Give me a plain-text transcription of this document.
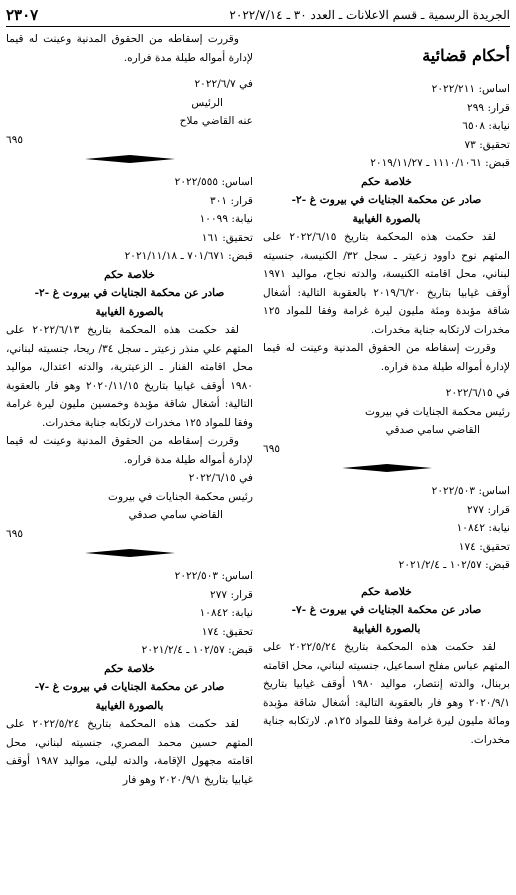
الجريدة الرسمية ـ قسم الاعلانات ـ العدد ٣٠ ـ ٢٠٢٢/٧/١٤
٢٣٠٧
أحكام قضائية
اساس: ٢٠٢٢/٢١١
قرار: ٢٩٩
نيابة: ٦٥٠٨
تحقيق: ٧٣
قبض: ١١١٠/١٠٦١ ـ ٢٠١٩/١١/٢٧
خلاصة حكم
صادر عن محكمة الجنايات في بيروت غ -٢-
بالصورة الغيابية
لقد حكمت هذه المحكمة بتاريخ ٢٠٢٢/٦/١٥ على المتهم نوح داوود زعيتر ـ سجل ٣٢/ الكنيسة، جنسيته لبناني، محل اقامته الكنيسة، والدته نجاح، مواليد ١٩٧١ أوقف غيابيا بتاريخ ٢٠١٩/٦/٢٠ بالعقوبة التالية: أشغال شاقة مؤبدة ومئة مليون ليرة غرامة وفقا للمواد ١٢٥ مخدرات لارتكابه جناية مخدرات.
وقررت إسقاطه من الحقوق المدنية وعينت له قيما لإدارة أمواله طيلة مدة فراره.
في ٢٠٢٢/٦/١٥
رئيس محكمة الجنايات في بيروت
القاضي سامي صدقي
٦٩٥
اساس: ٢٠٢٢/٥٠٣
قرار: ٢٧٧
نيابة: ١٠٨٤٢
تحقيق: ١٧٤
قبض: ١٠٢/٥٧ ـ ٢٠٢١/٢/٤
خلاصة حكم
صادر عن محكمة الجنايات في بيروت غ -٧-
بالصورة الغيابية
لقد حكمت هذه المحكمة بتاريخ ٢٠٢٢/٥/٢٤ على المتهم عباس مفلح اسماعيل، جنسيته لبناني، محل اقامته بربنال، والدته إنتصار، مواليد ١٩٨٠ أوقف غيابيا بتاريخ ٢٠٢٠/٩/١ وهو فار بالعقوبة التالية: أشغال شاقة مؤبدة ومائة مليون ليرة غرامة وفقا للمواد ١٢٥م. لارتكابه جناية مخدرات.
وقررت إسقاطه من الحقوق المدنية وعينت له قيما لإدارة أمواله طيلة مدة فراره.
في ٢٠٢٢/٦/٧
الرئيس
عنه القاضي ملاح
٦٩٥
اساس: ٢٠٢٢/٥٥٥
قرار: ٣٠١
نيابة: ١٠٠٩٩
تحقيق: ١٦١
قبض: ٧٠١/٦٧١ ـ ٢٠٢١/١١/١٨
خلاصة حكم
صادر عن محكمة الجنايات في بيروت غ -٢-
بالصورة الغيابية
لقد حكمت هذه المحكمة بتاريخ ٢٠٢٢/٦/١٣ على المتهم علي منذر زعيتر ـ سجل ٣٤/ ريحا، جنسيته لبناني، محل اقامته الفنار ـ الزعيترية، والدته اعتدال، مواليد ١٩٨٠ أوقف غيابيا بتاريخ ٢٠٢٠/١١/١٥ وهو فار بالعقوبة التالية: أشغال شاقة مؤبدة وخمسين مليون ليرة غرامة وفقا للمواد ١٢٥ مخدرات لارتكابه جناية مخدرات.
وقررت إسقاطه من الحقوق المدنية وعينت له قيما لإدارة أمواله طيلة مدة فراره.
في ٢٠٢٢/٦/١٥
رئيس محكمة الجنايات في بيروت
القاضي سامي صدقي
٦٩٥
اساس: ٢٠٢٢/٥٠٣
قرار: ٢٧٧
نيابة: ١٠٨٤٢
تحقيق: ١٧٤
قبض: ١٠٢/٥٧ ـ ٢٠٢١/٢/٤
خلاصة حكم
صادر عن محكمة الجنايات في بيروت غ -٧-
بالصورة الغيابية
لقد حكمت هذه المحكمة بتاريخ ٢٠٢٢/٥/٢٤ على المتهم حسين محمد المصري، جنسيته لبناني، محل اقامته مجهول الإقامة، والدته ليلى، مواليد ١٩٨٧ أوقف غيابيا بتاريخ ٢٠٢٠/٩/١ وهو فار
